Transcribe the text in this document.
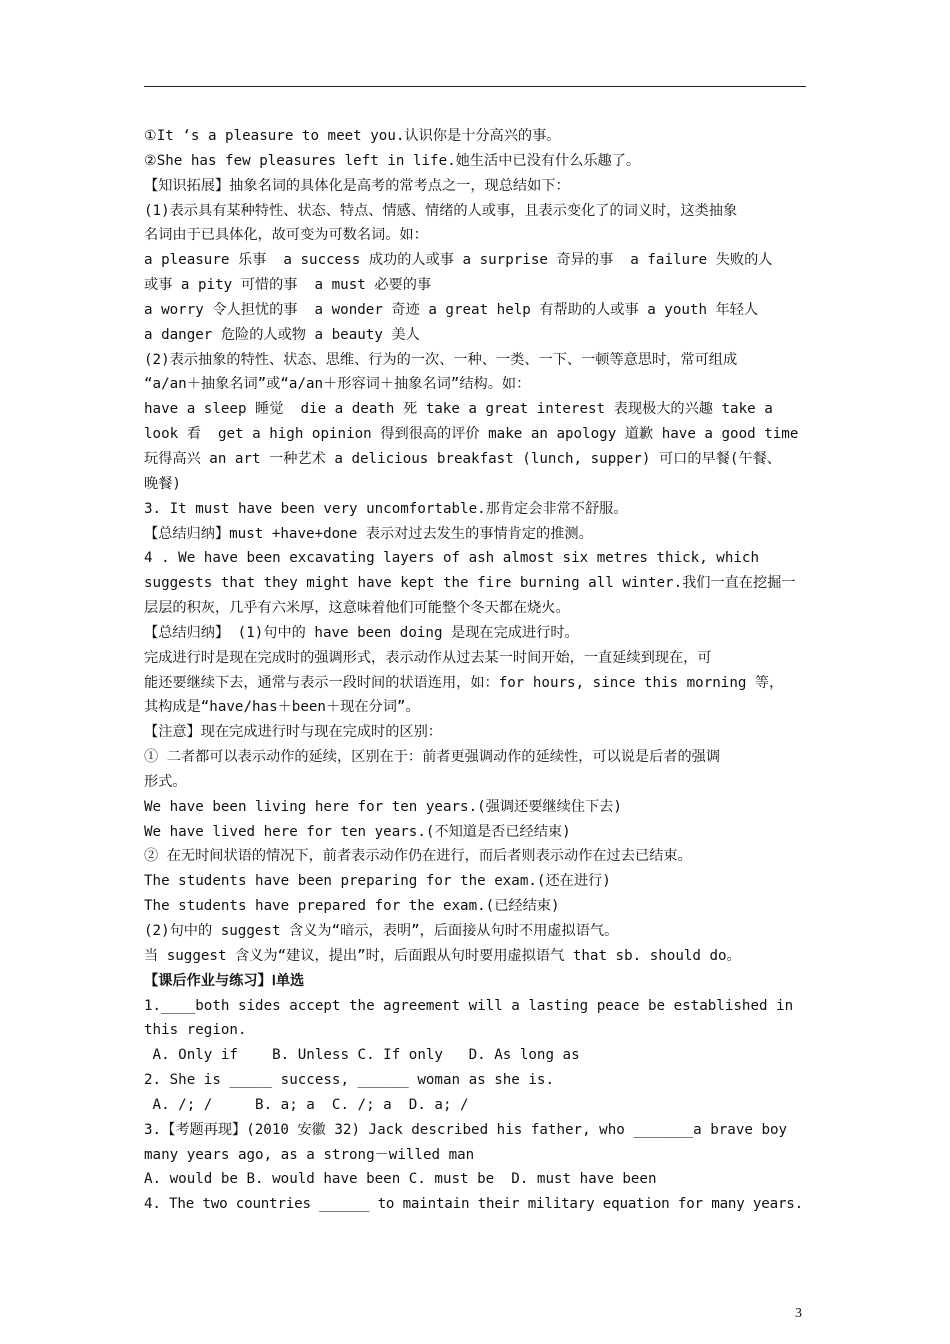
①It ‘s a pleasure to meet you.认识你是十分高兴的事。
②She has few pleasures left in life.她生活中已没有什么乐趣了。
【知识拓展】抽象名词的具体化是高考的常考点之一，现总结如下：
(1)表示具有某种特性、状态、特点、情感、情绪的人或事，且表示变化了的词义时，这类抽象
名词由于已具体化，故可变为可数名词。如：
a pleasure 乐事  a success 成功的人或事 a surprise 奇异的事  a failure 失败的人
或事 a pity 可惜的事  a must 必要的事
a worry 令人担忧的事  a wonder 奇迹 a great help 有帮助的人或事 a youth 年轻人
a danger 危险的人或物 a beauty 美人
(2)表示抽象的特性、状态、思维、行为的一次、一种、一类、一下、一顿等意思时，常可组成
“a/an＋抽象名词”或“a/an＋形容词＋抽象名词”结构。如：
have a sleep 睡觉  die a death 死 take a great interest 表现极大的兴趣 take a
look 看  get a high opinion 得到很高的评价 make an apology 道歉 have a good time
玩得高兴 an art 一种艺术 a delicious breakfast (lunch, supper) 可口的早餐(午餐、
晚餐)
3. It must have been very uncomfortable.那肯定会非常不舒服。
【总结归纳】must +have+done 表示对过去发生的事情肯定的推测。
4 . We have been excavating layers of ash almost six metres thick, which
suggests that they might have kept the fire burning all winter.我们一直在挖掘一
层层的积灰，几乎有六米厚，这意味着他们可能整个冬天都在烧火。
【总结归纳】 (1)句中的 have been doing 是现在完成进行时。
完成进行时是现在完成时的强调形式，表示动作从过去某一时间开始，一直延续到现在，可
能还要继续下去，通常与表示一段时间的状语连用，如：for hours, since this morning 等，
其构成是“have/has＋been＋现在分词”。
【注意】现在完成进行时与现在完成时的区别：
① 二者都可以表示动作的延续，区别在于：前者更强调动作的延续性，可以说是后者的强调
形式。
We have been living here for ten years.(强调还要继续住下去)
We have lived here for ten years.(不知道是否已经结束)
② 在无时间状语的情况下，前者表示动作仍在进行，而后者则表示动作在过去已结束。
The students have been preparing for the exam.(还在进行)
The students have prepared for the exam.(已经结束)
(2)句中的 suggest 含义为“暗示，表明”，后面接从句时不用虚拟语气。
当 suggest 含义为“建议，提出”时，后面跟从句时要用虚拟语气 that sb. should do。
【课后作业与练习】Ⅰ单选
1.____both sides accept the agreement will a lasting peace be established in
this region.
A. Only if    B. Unless C. If only   D. As long as
2. She is _____ success, ______ woman as she is.
A. /; /     B. a; a  C. /; a  D. a; /
3.【考题再现】(2010 安徽 32) Jack described his father, who _______a brave boy
many years ago, as a strong－willed man
A. would be B. would have been C. must be  D. must have been
4. The two countries ______ to maintain their military equation for many years.
3
